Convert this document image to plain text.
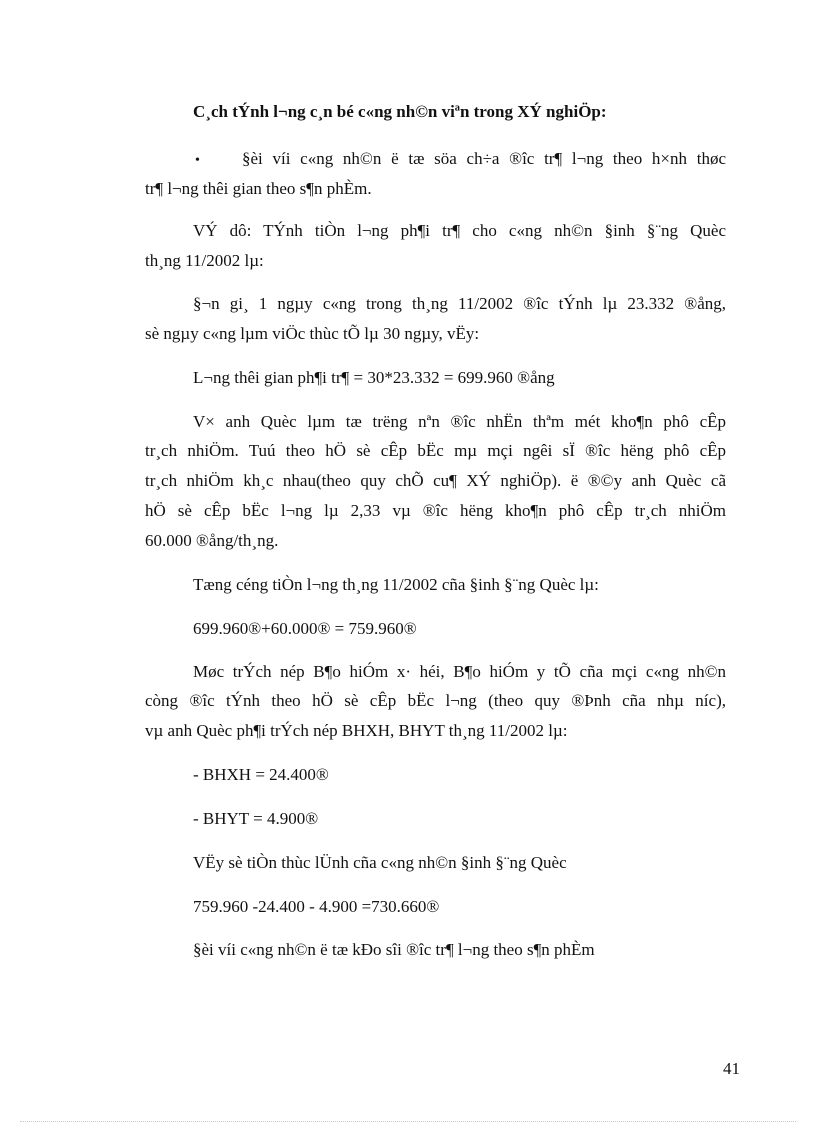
C¸ch tÝnh l¬ng c¸n bé c«ng nh©n viªn trong XÝ nghiÖp:
• §èi víi c«ng nh©n ë tæ söa ch÷a ®îc tr¶ l¬ng theo h×nh thøc
tr¶ l¬ng thêi gian theo s¶n phÈm.
VÝ dô: TÝnh tiÒn l¬ng ph¶i tr¶ cho c«ng nh©n §inh §¨ng Quèc
th¸ng 11/2002 lµ:
§¬n gi¸ 1 ngµy c«ng trong th¸ng 11/2002 ®îc tÝnh lµ 23.332 ®ång,
sè ngµy c«ng lµm viÖc thùc tÕ lµ 30 ngµy, vËy:
L¬ng thêi gian ph¶i tr¶ = 30*23.332 = 699.960 ®ång
V× anh Quèc lµm tæ trëng nªn ®îc nhËn thªm mét kho¶n phô cÊp
tr¸ch nhiÖm. Tuú theo hÖ sè cÊp bËc mµ mçi ngêi sÏ ®îc hëng phô cÊp
tr¸ch nhiÖm kh¸c nhau(theo quy chÕ cu¶ XÝ nghiÖp). ë ®©y anh Quèc cã
hÖ sè cÊp bËc l¬ng lµ 2,33 vµ ®îc hëng kho¶n phô cÊp tr¸ch nhiÖm
60.000 ®ång/th¸ng.
Tæng céng tiÒn l¬ng th¸ng 11/2002 cña §inh §¨ng Quèc lµ:
699.960®+60.000® = 759.960®
Møc trÝch nép B¶o hiÓm x· héi, B¶o hiÓm y tÕ cña mçi c«ng nh©n
còng ®îc tÝnh theo hÖ sè cÊp bËc l¬ng (theo quy ®Þnh cña nhµ níc),
vµ anh Quèc ph¶i trÝch nép BHXH, BHYT th¸ng 11/2002 lµ:
- BHXH = 24.400®
- BHYT = 4.900®
VËy sè tiÒn thùc lÜnh cña c«ng nh©n §inh §¨ng Quèc
759.960 -24.400 - 4.900 =730.660®
§èi víi c«ng nh©n ë tæ kÐo sîi ®îc tr¶ l¬ng theo s¶n phÈm
41
